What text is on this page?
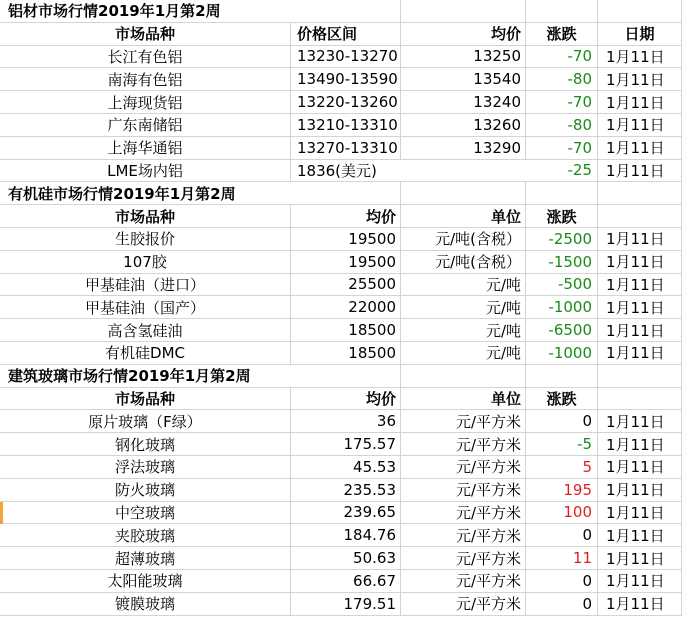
铝材市场行情2019年1月第2周
市场品种	价格区间	均价	涨跌	日期
长江有色铝	13230-13270	13250	-70 1月11日
南海有色铝	13490-13590	13540	-80 1月11日
上海现货铝	13220-13260	13240	-70 1月11日
广东南储铝	13210-13310	13260	-80 1月11日
上海华通铝	13270-13310	13290	-70 1月11日
LME场内铝	1836(美元)	-25 1月11日
有机硅市场行情2019年1月第2周
市场品种	均价	单位	涨跌
生胶报价	19500	元/吨(含税）	-2500 1月11日
107胶	19500	元/吨(含税）	-1500 1月11日
甲基硅油（进口）	25500	元/吨	-500 1月11日
甲基硅油（国产）	22000	元/吨	-1000 1月11日
高含氢硅油	18500	元/吨	-6500 1月11日
有机硅DMC	18500	元/吨	-1000 1月11日
建筑玻璃市场行情2019年1月第2周
市场品种	均价	单位	涨跌
原片玻璃（F绿）	36	元/平方米	0 1月11日
钢化玻璃	175.57	元/平方米	-5 1月11日
浮法玻璃	45.53	元/平方米	5 1月11日
防火玻璃	235.53	元/平方米	195 1月11日
中空玻璃	239.65	元/平方米	100 1月11日
夹胶玻璃	184.76	元/平方米	0 1月11日
超薄玻璃	50.63	元/平方米	11 1月11日
太阳能玻璃	66.67	元/平方米	0 1月11日
镀膜玻璃	179.51	元/平方米	0 1月11日
